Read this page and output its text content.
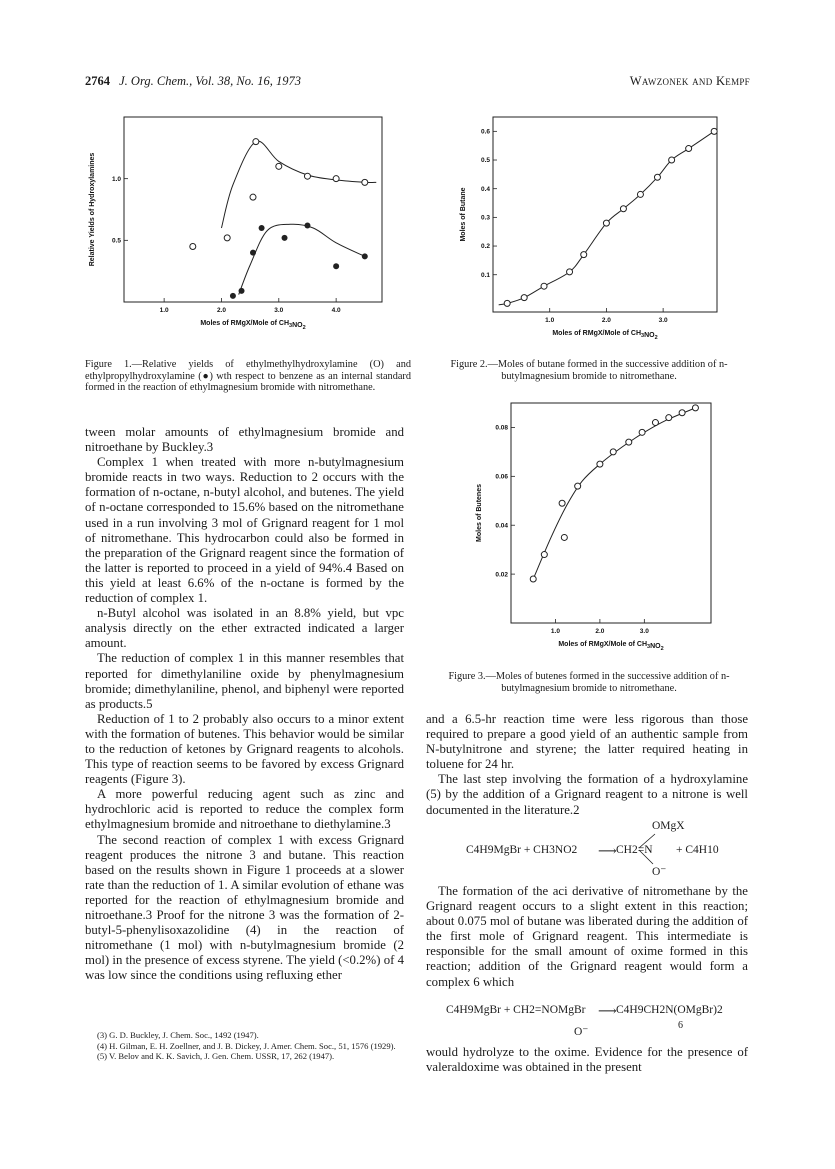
2764 J. Org. Chem., Vol. 38, No. 16, 1973	Wawzonek and Kempf
1.0	2.0	3.0	4.0
0.5
1.0
Moles of RMgX/Mole of $CH_3NO_2$
Relative Yields of Hydroxylamines
Figure 1.—Relative yields of ethylmethylhydroxylamine (O) and ethylpropylhydroxylamine (●) wth respect to benzene as an internal standard formed in the reaction of ethylmagnesium bromide with nitromethane.
1.0	2.0	3.0
0.1
0.2
0.3
0.4
0.5
0.6
Moles of RMgX/Mole of $CH_3NO_2$
Moles of Butane
Figure 2.—Moles of butane formed in the successive addition of n-butylmagnesium bromide to nitromethane.
1.0	2.0	3.0
0.02
0.04
0.06
0.08
Moles of RMgX/Mole of $CH_3NO_2$
Moles of Butenes
Figure 3.—Moles of butenes formed in the successive addition of n-butylmagnesium bromide to nitromethane.

tween molar amounts of ethylmagnesium bromide and nitroethane by Buckley.3

Complex 1 when treated with more n-butylmagnesium bromide reacts in two ways. Reduction to 2 occurs with the formation of n-octane, n-butyl alcohol, and butenes. The yield of n-octane corresponded to 15.6% based on the nitromethane used in a run involving 3 mol of Grignard reagent for 1 mol of nitromethane. This hydrocarbon could also be formed in the preparation of the Grignard reagent since the formation of the latter is reported to proceed in a yield of 94%.4 Based on this yield at least 6.6% of the n-octane is formed by the reduction of complex 1.

n-Butyl alcohol was isolated in an 8.8% yield, but vpc analysis directly on the ether extracted indicated a larger amount.

The reduction of complex 1 in this manner resembles that reported for dimethylaniline oxide by phenylmagnesium bromide; dimethylaniline, phenol, and biphenyl were reported as products.5

Reduction of 1 to 2 probably also occurs to a minor extent with the formation of butenes. This behavior would be similar to the reduction of ketones by Grignard reagents to alcohols. This type of reaction seems to be favored by excess Grignard reagents (Figure 3).

A more powerful reducing agent such as zinc and hydrochloric acid is reported to reduce the complex form ethylmagnesium bromide and nitroethane to diethylamine.3

The second reaction of complex 1 with excess Grignard reagent produces the nitrone 3 and butane. This reaction based on the results shown in Figure 1 proceeds at a slower rate than the reduction of 1. A similar evolution of ethane was reported for the reaction of ethylmagnesium bromide and nitroethane.3 Proof for the nitrone 3 was the formation of 2-butyl-5-phenylisoxazolidine (4) in the reaction of nitromethane (1 mol) with n-butylmagnesium bromide (2 mol) in the presence of excess styrene. The yield (<0.2%) of 4 was low since the conditions using refluxing ether

(3) G. D. Buckley, J. Chem. Soc., 1492 (1947).
(4) H. Gilman, E. H. Zoellner, and J. B. Dickey, J. Amer. Chem. Soc., 51, 1576 (1929).
(5) V. Belov and K. K. Savich, J. Gen. Chem. USSR, 17, 262 (1947).

and a 6.5-hr reaction time were less rigorous than those required to prepare a good yield of an authentic sample from N-butylnitrone and styrene; the latter required heating in toluene for 24 hr.

The last step involving the formation of a hydroxylamine (5) by the addition of a Grignard reagent to a nitrone is well documented in the literature.2

OMgX
C4H9MgBr + CH3NO2 ⟶ CH2=N + C4H10
O⁻

The formation of the aci derivative of nitromethane by the Grignard reagent occurs to a slight extent in this reaction; about 0.075 mol of butane was liberated during the addition of the first mole of Grignard reagent. This intermediate is responsible for the small amount of oxime formed in this reaction; addition of the Grignard reagent would form a complex 6 which

C4H9MgBr + CH2=NOMgBr ⟶ C4H9CH2N(OMgBr)2
O⁻
6

would hydrolyze to the oxime. Evidence for the presence of valeraldoxime was obtained in the present
